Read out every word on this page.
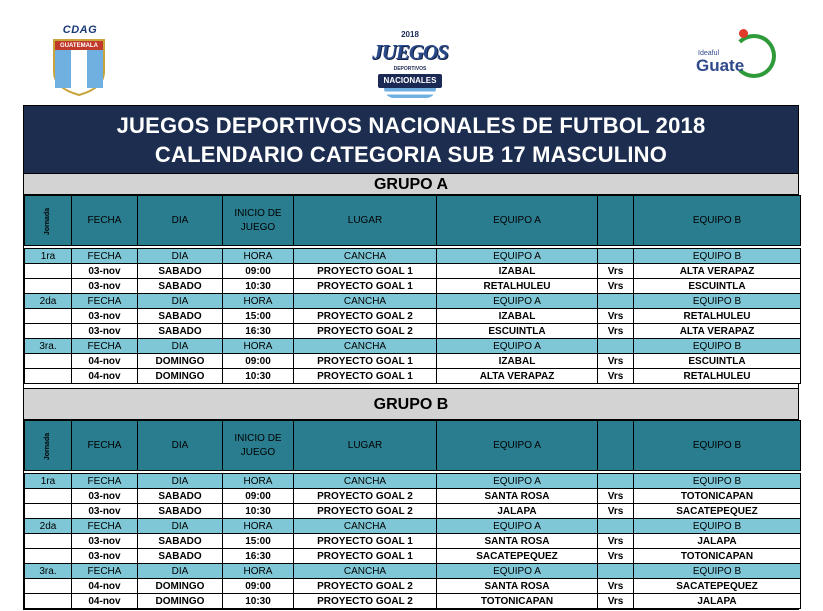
CDAG
GUATEMALA
2018
JUEGOS
DEPORTIVOS
NACIONALES
Ideaful
Guate
JUEGOS DEPORTIVOS NACIONALES DE FUTBOL 2018
CALENDARIO CATEGORIA SUB 17 MASCULINO
GRUPO A
Jornada	FECHA	DIA	INICIO DE JUEGO	LUGAR	EQUIPO A		EQUIPO B

1ra	FECHA	DIA	HORA	CANCHA	EQUIPO A		EQUIPO B
	03-nov	SABADO	09:00	PROYECTO GOAL 1	IZABAL	Vrs	ALTA VERAPAZ
	03-nov	SABADO	10:30	PROYECTO GOAL 1	RETALHULEU	Vrs	ESCUINTLA
2da	FECHA	DIA	HORA	CANCHA	EQUIPO A		EQUIPO B
	03-nov	SABADO	15:00	PROYECTO GOAL 2	IZABAL	Vrs	RETALHULEU
	03-nov	SABADO	16:30	PROYECTO GOAL 2	ESCUINTLA	Vrs	ALTA VERAPAZ
3ra.	FECHA	DIA	HORA	CANCHA	EQUIPO A		EQUIPO B
	04-nov	DOMINGO	09:00	PROYECTO GOAL 1	IZABAL	Vrs	ESCUINTLA
	04-nov	DOMINGO	10:30	PROYECTO GOAL 1	ALTA VERAPAZ	Vrs	RETALHULEU
GRUPO B
Jornada	FECHA	DIA	INICIO DE JUEGO	LUGAR	EQUIPO A		EQUIPO B

1ra	FECHA	DIA	HORA	CANCHA	EQUIPO A		EQUIPO B
	03-nov	SABADO	09:00	PROYECTO GOAL 2	SANTA ROSA	Vrs	TOTONICAPAN
	03-nov	SABADO	10:30	PROYECTO GOAL 2	JALAPA	Vrs	SACATEPEQUEZ
2da	FECHA	DIA	HORA	CANCHA	EQUIPO A		EQUIPO B
	03-nov	SABADO	15:00	PROYECTO GOAL 1	SANTA ROSA	Vrs	JALAPA
	03-nov	SABADO	16:30	PROYECTO GOAL 1	SACATEPEQUEZ	Vrs	TOTONICAPAN
3ra.	FECHA	DIA	HORA	CANCHA	EQUIPO A		EQUIPO B
	04-nov	DOMINGO	09:00	PROYECTO GOAL 2	SANTA ROSA	Vrs	SACATEPEQUEZ
	04-nov	DOMINGO	10:30	PROYECTO GOAL 2	TOTONICAPAN	Vrs	JALAPA
